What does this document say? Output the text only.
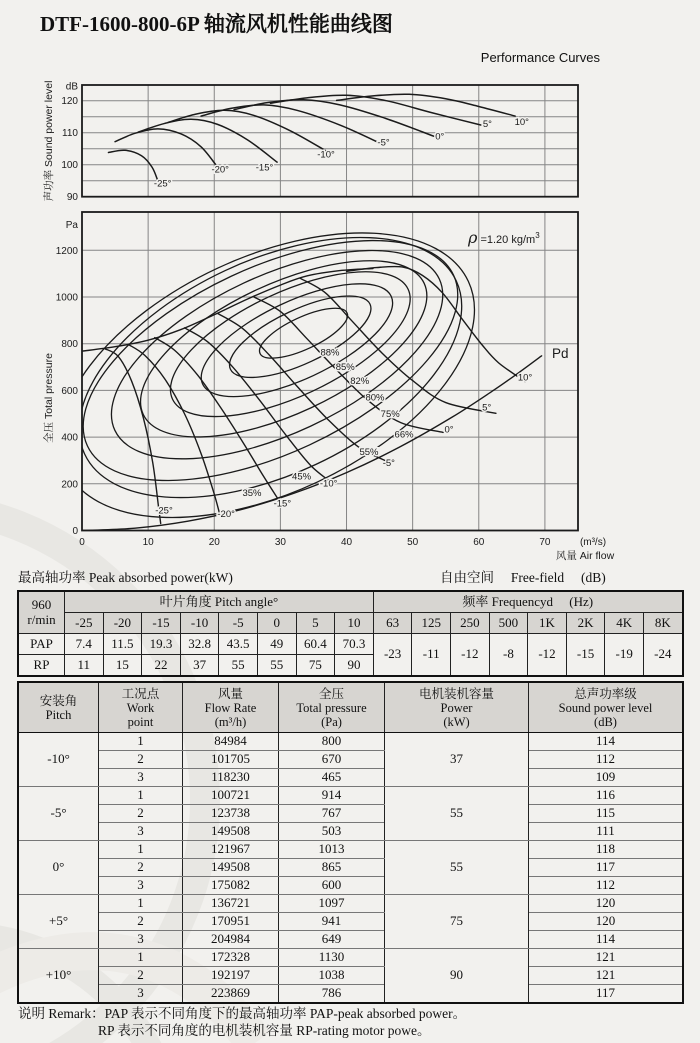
DTF-1600-800-6P 轴流风机性能曲线图
Performance Curves
120
110
100
90
dB
-25°
-20°	-15°
-10°
-5°
0°
5° 10°
声功率 Sound power level
1200
1000
800
600
400
200
0
Pa
0	10	20	30	40	50	60	70	(m³/s)
风量 Air flow
全压 Total pressure
88%
85%
82%
80%
75%
66%
55%
45%
35%
-25°	-20°
-15°
-10°
-5°
0°
5°
10°
ρ =1.20 $kg/m^3$
Pd
最高轴功率 Peak absorbed power(kW)	自由空间　 Free-field　 (dB)
960
r/min	叶片角度 Pitch angle°								频率 Frequencyd　 (Hz)							
	-25	-20	-15	-10	-5	0	5	10	63	125	250	500	1K	2K	4K	8K
PAP	7.4	11.5	19.3	32.8	43.5	49	60.4	70.3	-23	-11	-12	-8	-12	-15	-19	-24
RP	11	15	22	37	55	55	75	90								
安装角
Pitch

工况点
Work
point

风量
Flow Rate
(m³/h)

全压
Total pressure
(Pa)

电机装机容量
Power
(kW)

总声功率级
Sound power level
(dB)

-10°	1	84984	800	37	114
	2	101705	670		112
	3	118230	465		109
-5°	1	100721	914	55	116
	2	123738	767		115
	3	149508	503		111
0°	1	121967	1013	55	118
	2	149508	865		117
	3	175082	600		112
+5°	1	136721	1097	75	120
	2	170951	941		120
	3	204984	649		114
+10°	1	172328	1130	90	121
	2	192197	1038		121
	3	223869	786		117
说明 Remark：PAP 表示不同角度下的最高轴功率 PAP-peak absorbed power。
RP 表示不同角度的电机装机容量 RP-rating motor powe。
